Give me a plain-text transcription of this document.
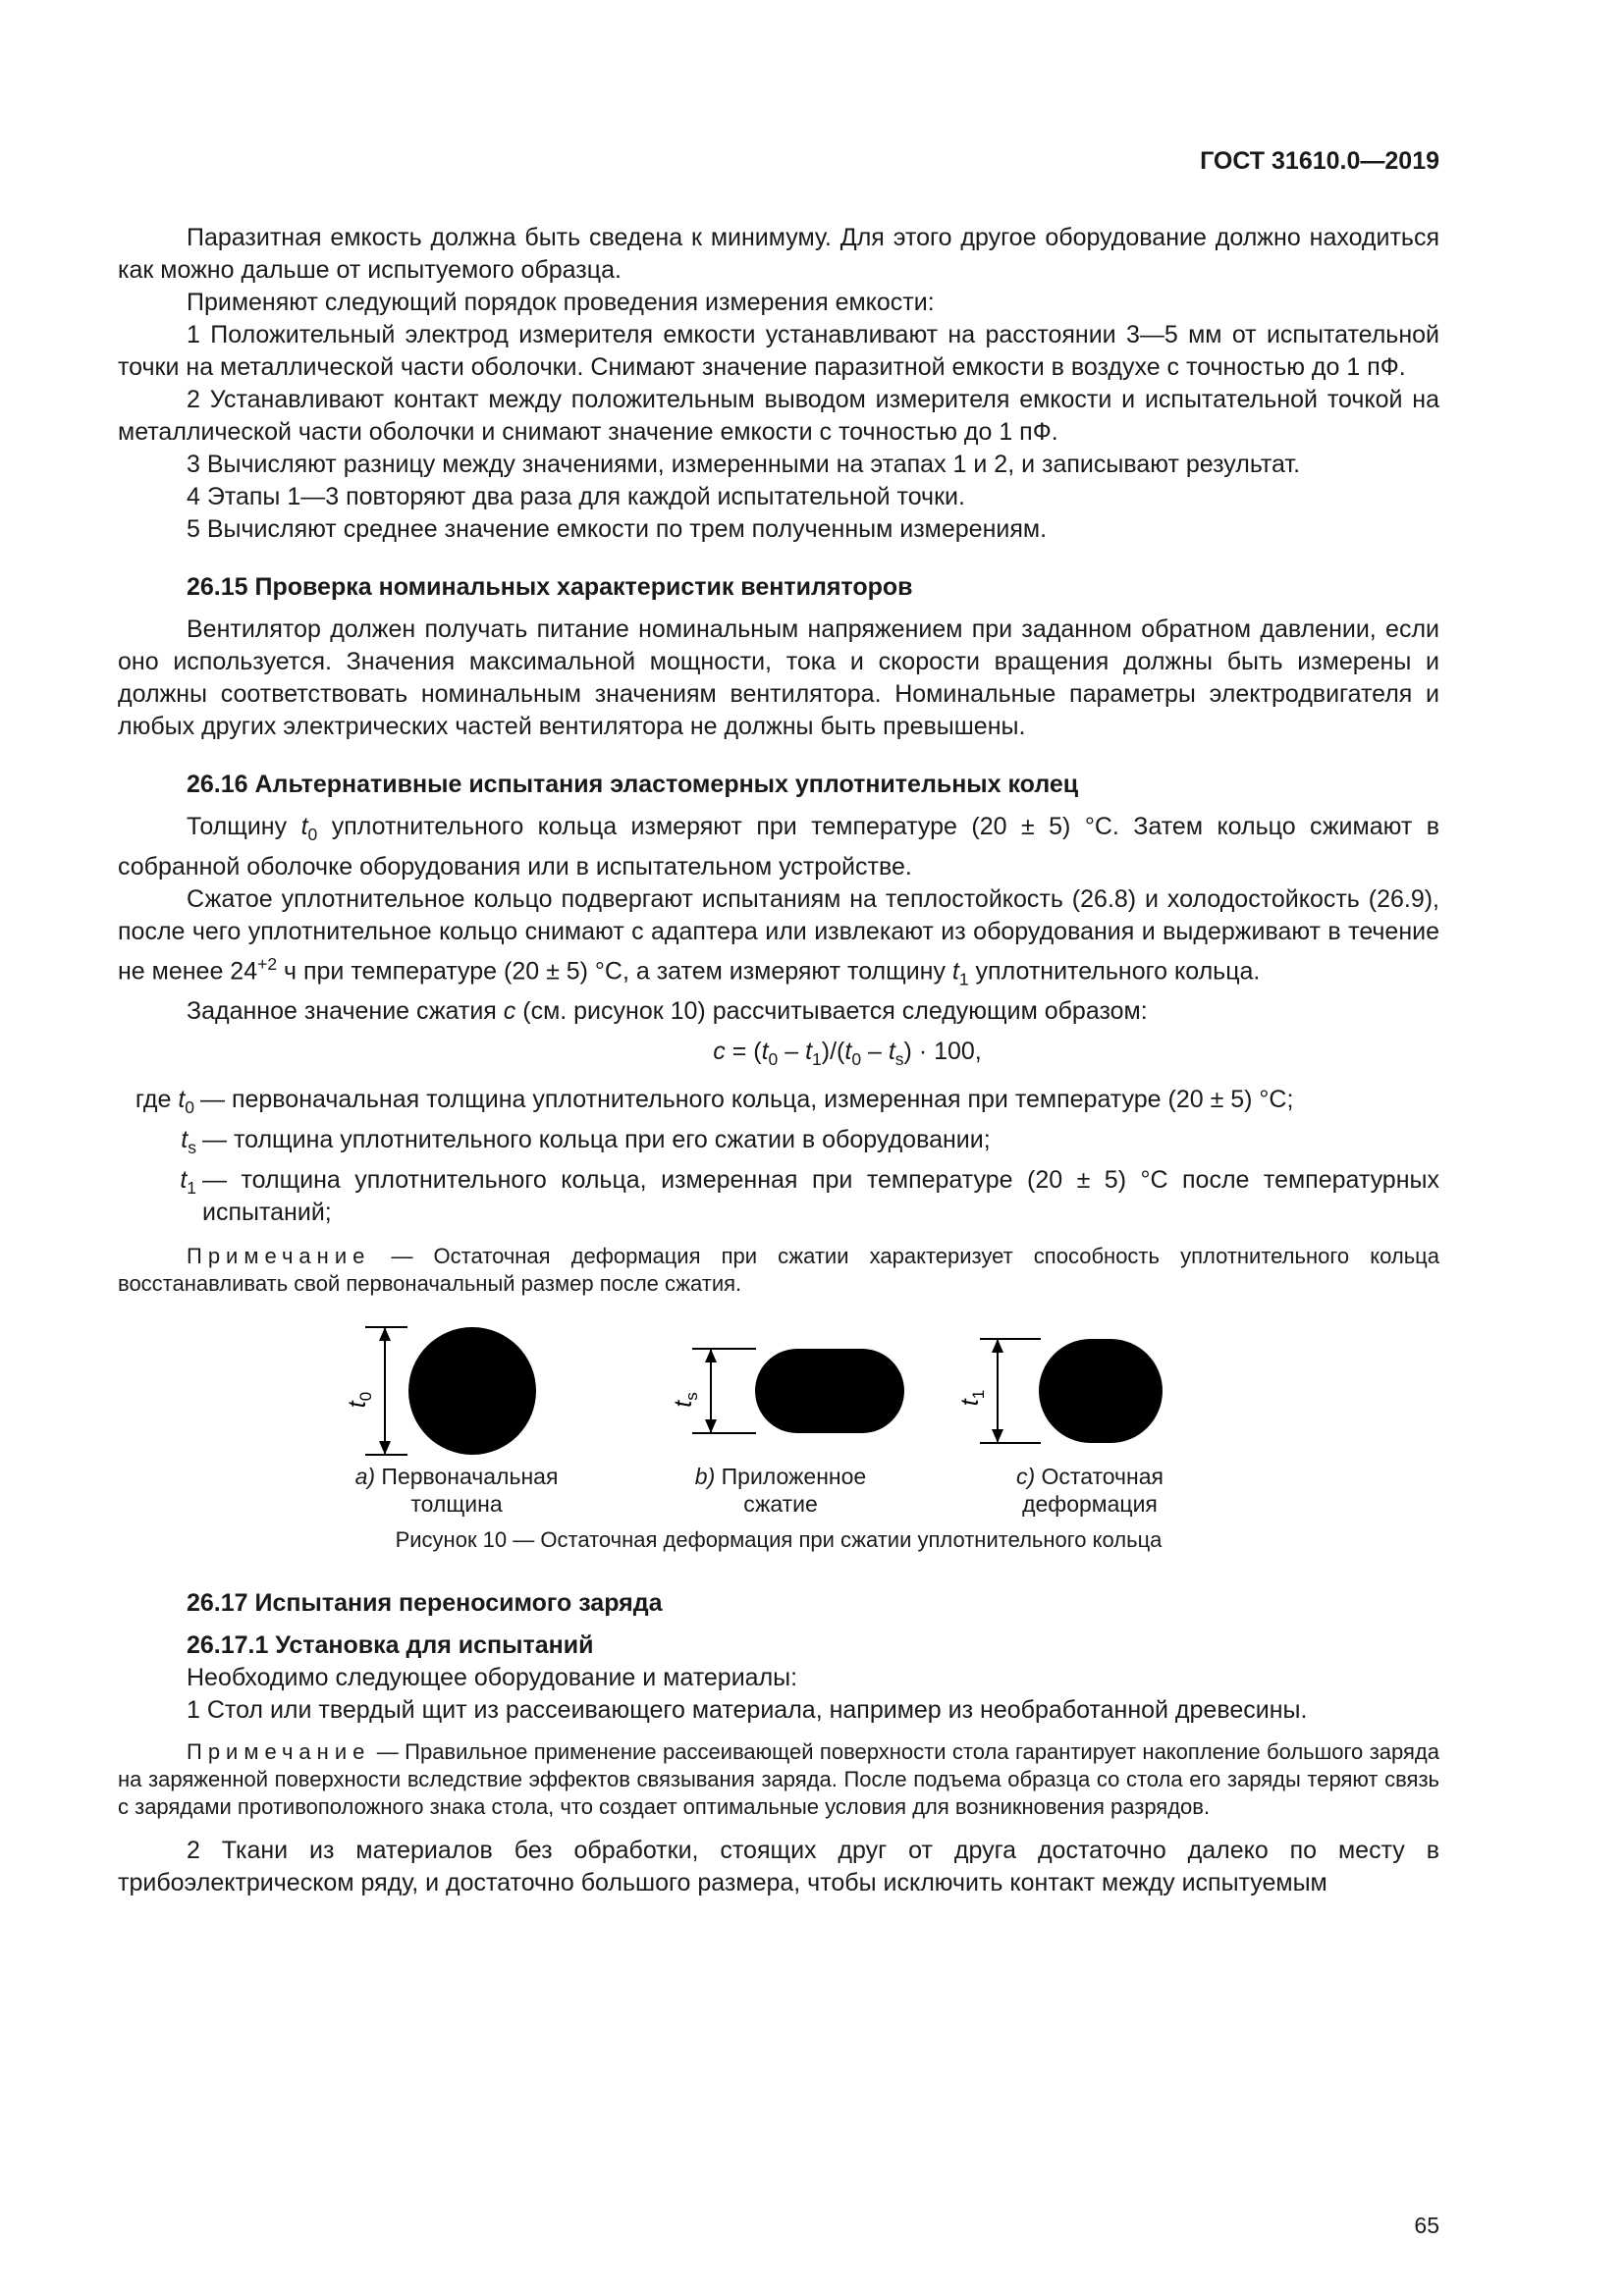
ГОСТ 31610.0—2019

Паразитная емкость должна быть сведена к минимуму. Для этого другое оборудование должно находиться как можно дальше от испытуемого образца.

Применяют следующий порядок проведения измерения емкости:

1 Положительный электрод измерителя емкости устанавливают на расстоянии 3—5 мм от испытательной точки на металлической части оболочки. Снимают значение паразитной емкости в воздухе с точностью до 1 пФ.

2 Устанавливают контакт между положительным выводом измерителя емкости и испытательной точкой на металлической части оболочки и снимают значение емкости с точностью до 1 пФ.

3 Вычисляют разницу между значениями, измеренными на этапах 1 и 2, и записывают результат.

4 Этапы 1—3 повторяют два раза для каждой испытательной точки.

5 Вычисляют среднее значение емкости по трем полученным измерениям.

26.15 Проверка номинальных характеристик вентиляторов

Вентилятор должен получать питание номинальным напряжением при заданном обратном давлении, если оно используется. Значения максимальной мощности, тока и скорости вращения должны быть измерены и должны соответствовать номинальным значениям вентилятора. Номинальные параметры электродвигателя и любых других электрических частей вентилятора не должны быть превышены.

26.16 Альтернативные испытания эластомерных уплотнительных колец

Толщину $t_0$ уплотнительного кольца измеряют при температуре (20 ± 5) °C. Затем кольцо сжимают в собранной оболочке оборудования или в испытательном устройстве.

Сжатое уплотнительное кольцо подвергают испытаниям на теплостойкость (26.8) и холодостойкость (26.9), после чего уплотнительное кольцо снимают с адаптера или извлекают из оборудования и выдерживают в течение не менее $24^{+2}$ ч при температуре (20 ± 5) °C, а затем измеряют толщину $t_1$ уплотнительного кольца.

Заданное значение сжатия c (см. рисунок 10) рассчитывается следующим образом:

$c = (t_0 - t_1)/(t_0 - t_s) \cdot 100$,

где $t_0$ — первоначальная толщина уплотнительного кольца, измеренная при температуре (20 ± 5) °C;
$t_s$ — толщина уплотнительного кольца при его сжатии в оборудовании;
$t_1$ — толщина уплотнительного кольца, измеренная при температуре (20 ± 5) °C после температурных испытаний;

Примечание — Остаточная деформация при сжатии характеризует способность уплотнительного кольца восстанавливать свой первоначальный размер после сжатия.

$t_0$
$t_s$
$t_1$
a) Первоначальная
толщина
b) Приложенное
сжатие
c) Остаточная
деформация
Рисунок 10 — Остаточная деформация при сжатии уплотнительного кольца

26.17 Испытания переносимого заряда

26.17.1 Установка для испытаний

Необходимо следующее оборудование и материалы:

1 Стол или твердый щит из рассеивающего материала, например из необработанной древесины.

Примечание — Правильное применение рассеивающей поверхности стола гарантирует накопление большого заряда на заряженной поверхности вследствие эффектов связывания заряда. После подъема образца со стола его заряды теряют связь с зарядами противоположного знака стола, что создает оптимальные условия для возникновения разрядов.

2 Ткани из материалов без обработки, стоящих друг от друга достаточно далеко по месту в трибоэлектрическом ряду, и достаточно большого размера, чтобы исключить контакт между испытуемым

65
